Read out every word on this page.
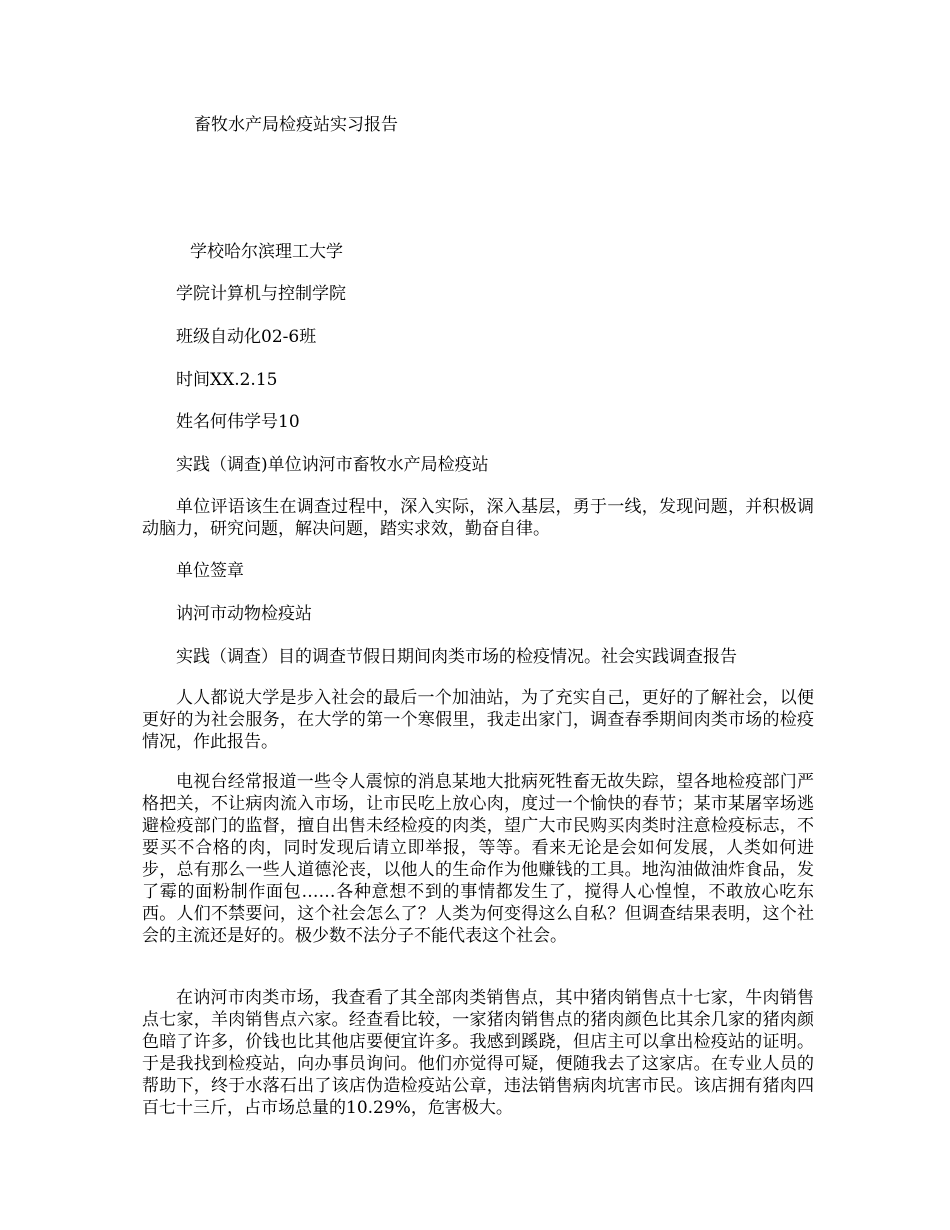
畜牧水产局检疫站实习报告
学校哈尔滨理工大学
学院计算机与控制学院
班级自动化02-6班
时间XX.2.15
姓名何伟学号10
实践（调查)单位讷河市畜牧水产局检疫站
单位评语该生在调查过程中，深入实际，深入基层，勇于一线，发现问题，并积极调动脑力，研究问题，解决问题，踏实求效，勤奋自律。
单位签章
讷河市动物检疫站
实践（调查）目的调查节假日期间肉类市场的检疫情况。社会实践调查报告
人人都说大学是步入社会的最后一个加油站，为了充实自己，更好的了解社会，以便更好的为社会服务，在大学的第一个寒假里，我走出家门，调查春季期间肉类市场的检疫情况，作此报告。
电视台经常报道一些令人震惊的消息某地大批病死牲畜无故失踪，望各地检疫部门严格把关，不让病肉流入市场，让市民吃上放心肉，度过一个愉快的春节；某市某屠宰场逃避检疫部门的监督，擅自出售未经检疫的肉类，望广大市民购买肉类时注意检疫标志，不要买不合格的肉，同时发现后请立即举报，等等。看来无论是会如何发展，人类如何进步，总有那么一些人道德沦丧，以他人的生命作为他赚钱的工具。地沟油做油炸食品，发了霉的面粉制作面包……各种意想不到的事情都发生了，搅得人心惶惶，不敢放心吃东西。人们不禁要问，这个社会怎么了？人类为何变得这么自私？但调查结果表明，这个社会的主流还是好的。极少数不法分子不能代表这个社会。
在讷河市肉类市场，我查看了其全部肉类销售点，其中猪肉销售点十七家，牛肉销售点七家，羊肉销售点六家。经查看比较，一家猪肉销售点的猪肉颜色比其余几家的猪肉颜色暗了许多，价钱也比其他店要便宜许多。我感到蹊跷，但店主可以拿出检疫站的证明。于是我找到检疫站，向办事员询问。他们亦觉得可疑，便随我去了这家店。在专业人员的帮助下，终于水落石出了该店伪造检疫站公章，违法销售病肉坑害市民。该店拥有猪肉四百七十三斤，占市场总量的10.29%，危害极大。
